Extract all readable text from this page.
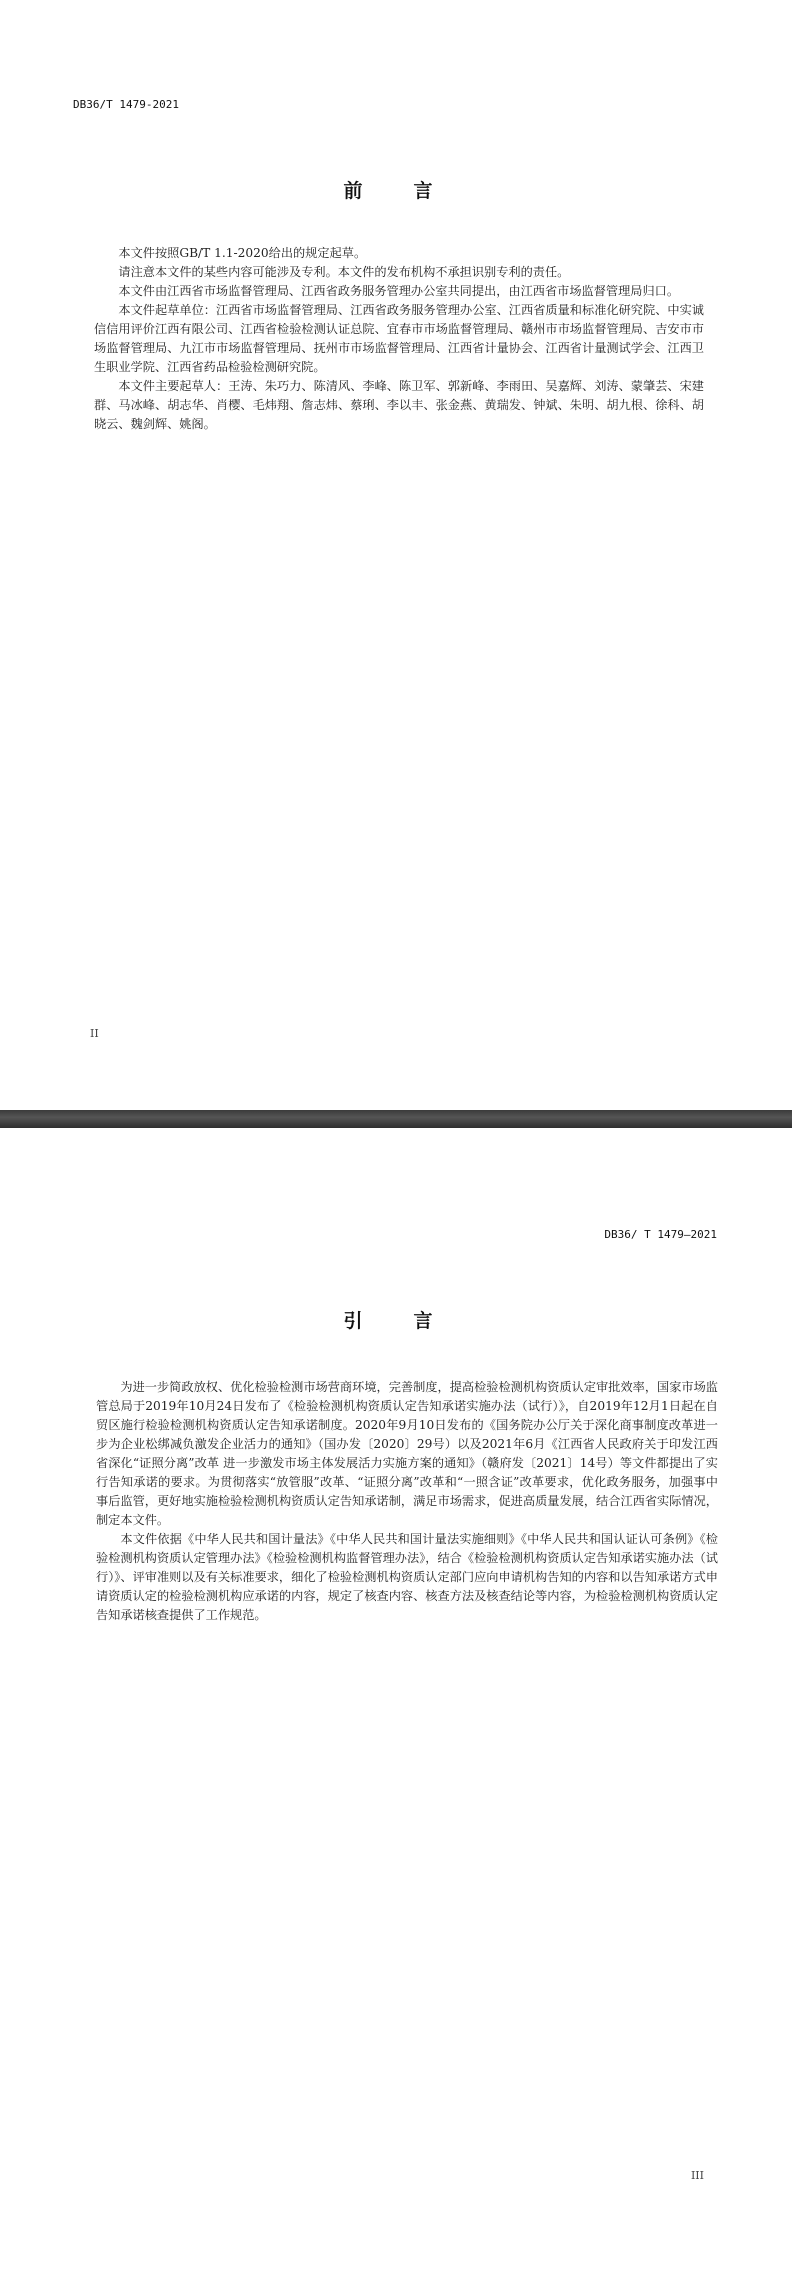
DB36/T 1479-2021
前　言

本文件按照GB/T 1.1-2020给出的规定起草。

请注意本文件的某些内容可能涉及专利。本文件的发布机构不承担识别专利的责任。

本文件由江西省市场监督管理局、江西省政务服务管理办公室共同提出，由江西省市场监督管理局归口。

本文件起草单位：江西省市场监督管理局、江西省政务服务管理办公室、江西省质量和标准化研究院、中实诚信信用评价江西有限公司、江西省检验检测认证总院、宜春市市场监督管理局、赣州市市场监督管理局、吉安市市场监督管理局、九江市市场监督管理局、抚州市市场监督管理局、江西省计量协会、江西省计量测试学会、江西卫生职业学院、江西省药品检验检测研究院。

本文件主要起草人：王涛、朱巧力、陈清风、李峰、陈卫军、郭新峰、李雨田、吴嘉辉、刘涛、蒙肇芸、宋建群、马冰峰、胡志华、肖樱、毛炜翔、詹志炜、蔡琍、李以丰、张金燕、黄瑞发、钟斌、朱明、胡九根、徐科、胡晓云、魏剑辉、姚阁。

II
DB36/ T 1479—2021
引　言

为进一步简政放权、优化检验检测市场营商环境，完善制度，提高检验检测机构资质认定审批效率，国家市场监管总局于2019年10月24日发布了《检验检测机构资质认定告知承诺实施办法（试行）》，自2019年12月1日起在自贸区施行检验检测机构资质认定告知承诺制度。2020年9月10日发布的《国务院办公厅关于深化商事制度改革进一步为企业松绑减负激发企业活力的通知》（国办发〔2020〕29号）以及2021年6月《江西省人民政府关于印发江西省深化“证照分离”改革 进一步激发市场主体发展活力实施方案的通知》（赣府发〔2021〕14号）等文件都提出了实行告知承诺的要求。为贯彻落实“放管服”改革、“证照分离”改革和“一照含证”改革要求，优化政务服务，加强事中事后监管，更好地实施检验检测机构资质认定告知承诺制，满足市场需求，促进高质量发展，结合江西省实际情况，制定本文件。

本文件依据《中华人民共和国计量法》《中华人民共和国计量法实施细则》《中华人民共和国认证认可条例》《检验检测机构资质认定管理办法》《检验检测机构监督管理办法》，结合《检验检测机构资质认定告知承诺实施办法（试行）》、评审准则以及有关标准要求，细化了检验检测机构资质认定部门应向申请机构告知的内容和以告知承诺方式申请资质认定的检验检测机构应承诺的内容，规定了核查内容、核查方法及核查结论等内容，为检验检测机构资质认定告知承诺核查提供了工作规范。

III
